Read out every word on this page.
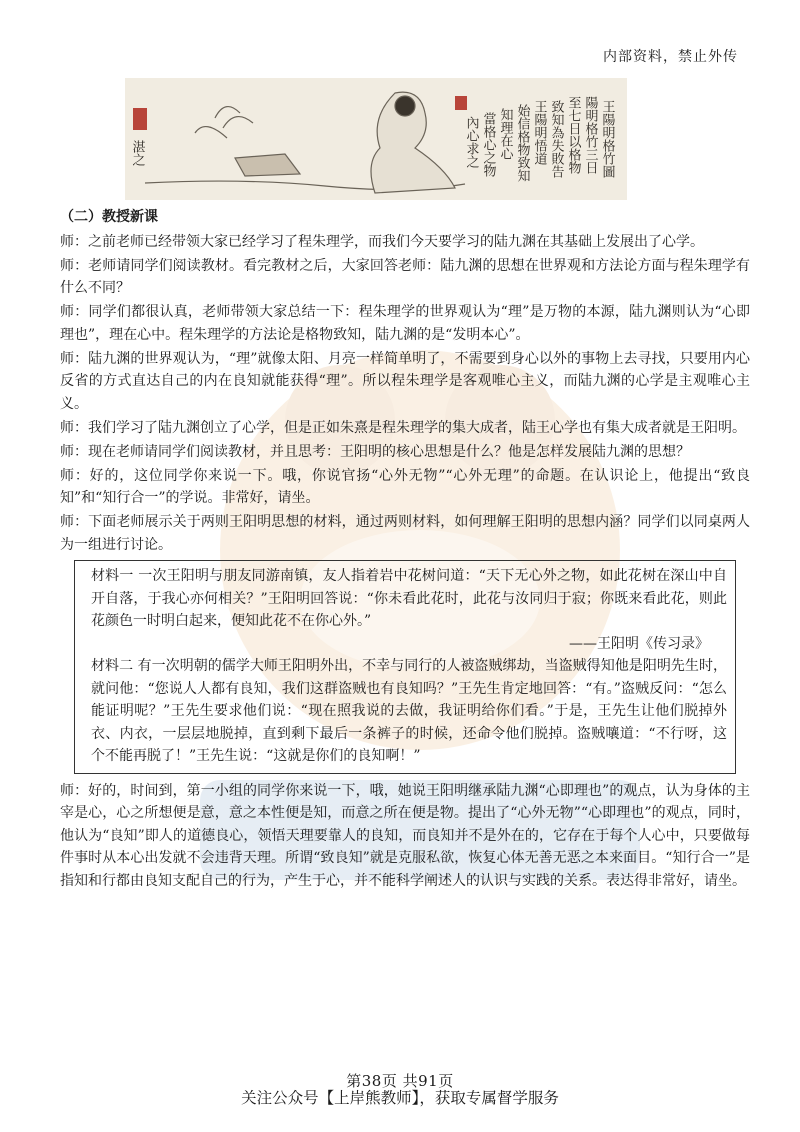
内部资料，禁止外传
王陽明格竹圖
陽明格竹三日
至七日以格物
致知為失敗告
王陽明悟道
始信格物致知
知理在心
當格心之物
內心求之
湛之
（二）教授新课

师：之前老师已经带领大家已经学习了程朱理学，而我们今天要学习的陆九渊在其基础上发展出了心学。

师：老师请同学们阅读教材。看完教材之后，大家回答老师：陆九渊的思想在世界观和方法论方面与程朱理学有什么不同？

师：同学们都很认真，老师带领大家总结一下：程朱理学的世界观认为“理”是万物的本源，陆九渊则认为“心即理也”，理在心中。程朱理学的方法论是格物致知，陆九渊的是“发明本心”。

师：陆九渊的世界观认为，“理”就像太阳、月亮一样简单明了，不需要到身心以外的事物上去寻找，只要用内心反省的方式直达自己的内在良知就能获得“理”。所以程朱理学是客观唯心主义，而陆九渊的心学是主观唯心主义。

师：我们学习了陆九渊创立了心学，但是正如朱熹是程朱理学的集大成者，陆王心学也有集大成者就是王阳明。

师：现在老师请同学们阅读教材，并且思考：王阳明的核心思想是什么？他是怎样发展陆九渊的思想？

师：好的，这位同学你来说一下。哦，你说官扬“心外无物”“心外无理”的命题。在认识论上，他提出“致良知”和“知行合一”的学说。非常好，请坐。

师：下面老师展示关于两则王阳明思想的材料，通过两则材料，如何理解王阳明的思想内涵？同学们以同桌两人为一组进行讨论。

材料一 一次王阳明与朋友同游南镇，友人指着岩中花树问道：“天下无心外之物，如此花树在深山中自开自落，于我心亦何相关？”王阳明回答说：“你未看此花时，此花与汝同归于寂；你既来看此花，则此花颜色一时明白起来，便知此花不在你心外。”

——王阳明《传习录》

材料二 有一次明朝的儒学大师王阳明外出，不幸与同行的人被盗贼绑劫，当盗贼得知他是阳明先生时，就问他：“您说人人都有良知，我们这群盗贼也有良知吗？”王先生肯定地回答：“有。”盗贼反问：“怎么能证明呢？”王先生要求他们说：“现在照我说的去做，我证明给你们看。”于是，王先生让他们脱掉外衣、内衣，一层层地脱掉，直到剩下最后一条裤子的时候，还命令他们脱掉。盗贼嚷道：“不行呀，这个不能再脱了！”王先生说：“这就是你们的良知啊！”

师：好的，时间到，第一小组的同学你来说一下，哦，她说王阳明继承陆九渊“心即理也”的观点，认为身体的主宰是心，心之所想便是意，意之本性便是知，而意之所在便是物。提出了“心外无物”“心即理也”的观点，同时，他认为“良知”即人的道德良心，领悟天理要靠人的良知，而良知并不是外在的，它存在于每个人心中，只要做每件事时从本心出发就不会违背天理。所谓“致良知”就是克服私欲，恢复心体无善无恶之本来面目。“知行合一”是指知和行都由良知支配自己的行为，产生于心，并不能科学阐述人的认识与实践的关系。表达得非常好，请坐。

第38页 共91页
关注公众号【上岸熊教师】，获取专属督学服务
